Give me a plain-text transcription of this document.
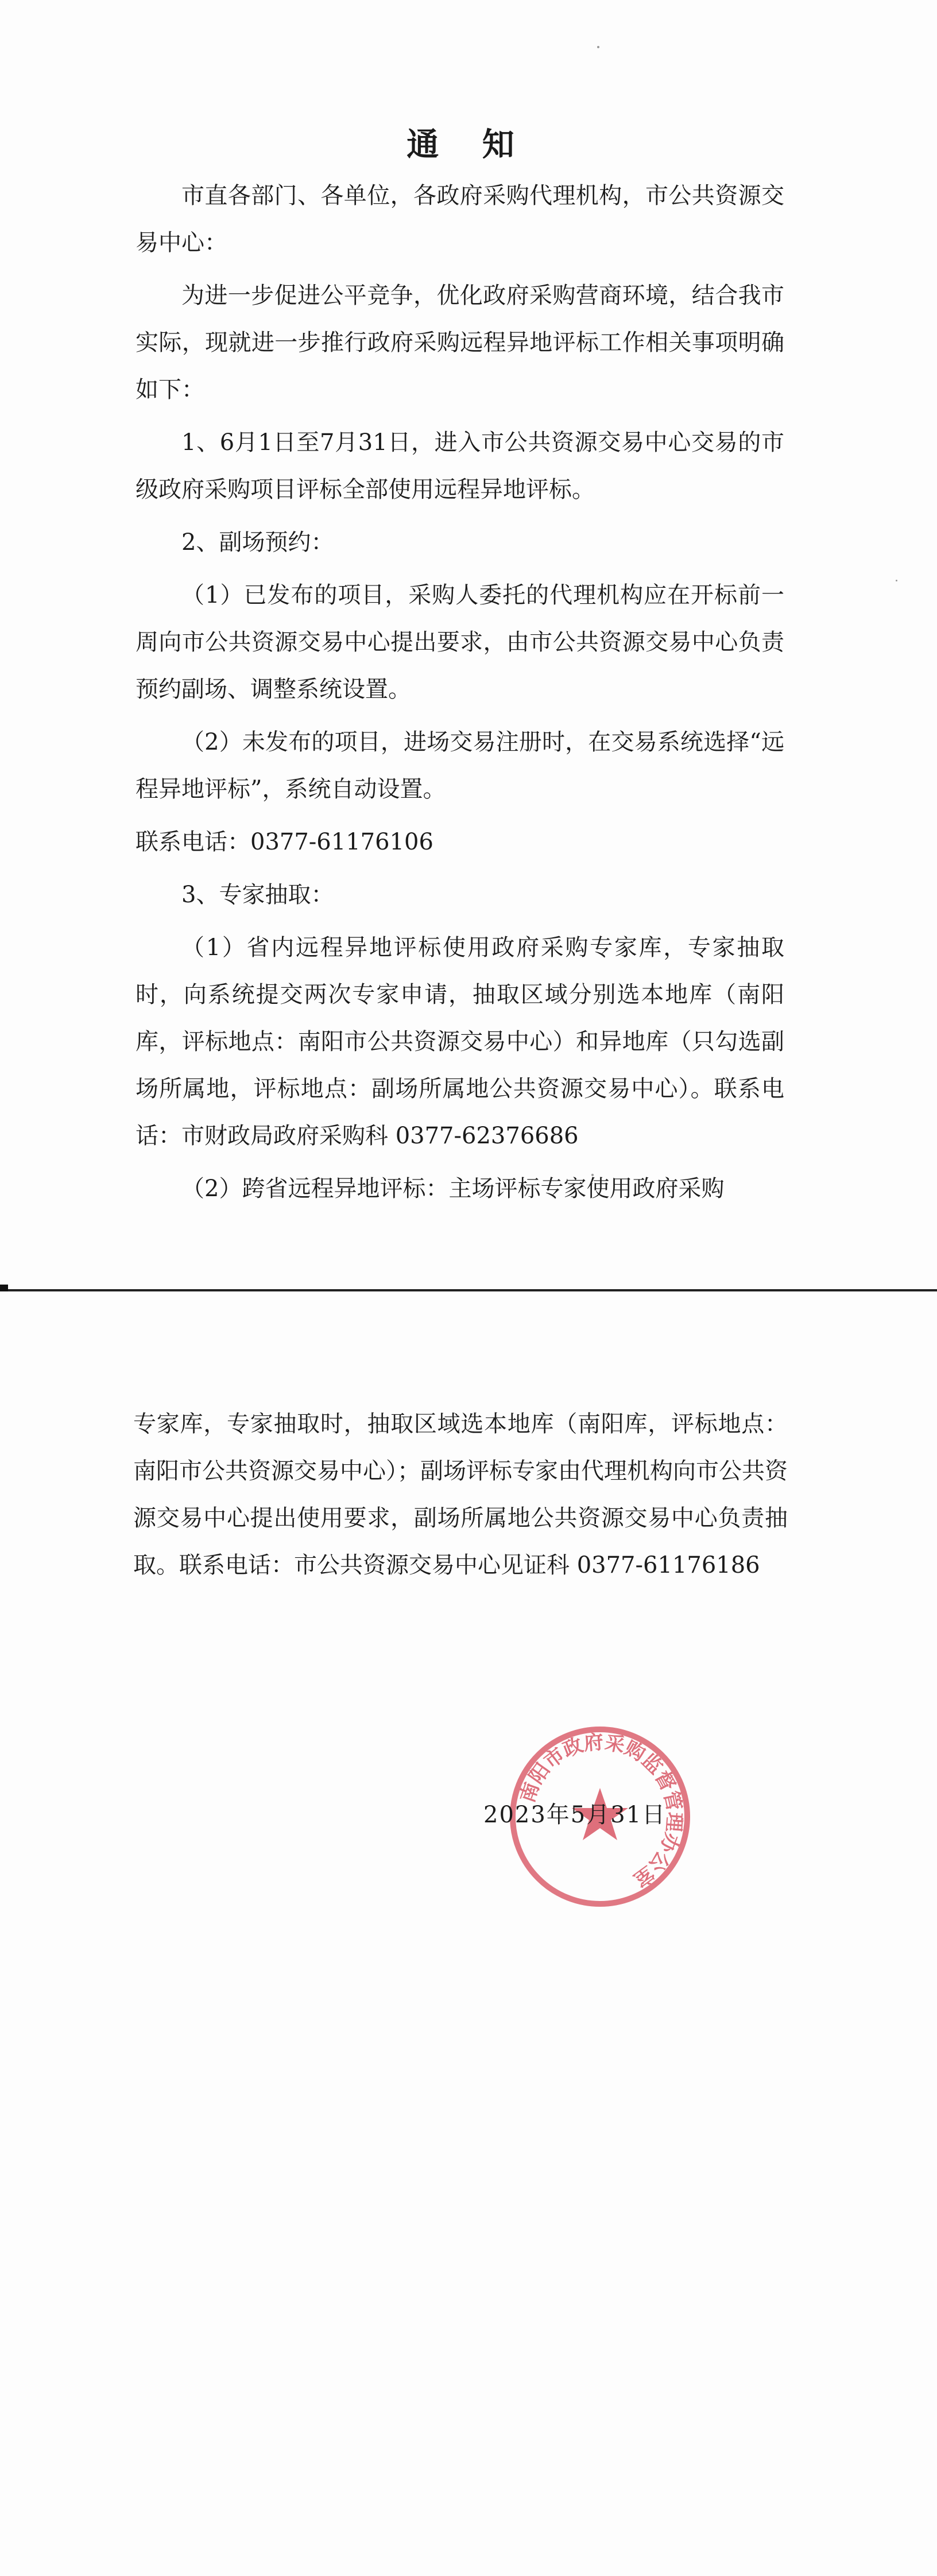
通 知

市直各部门、各单位，各政府采购代理机构，市公共资源交易中心：

为进一步促进公平竞争，优化政府采购营商环境，结合我市实际，现就进一步推行政府采购远程异地评标工作相关事项明确如下：

1、6月1日至7月31日，进入市公共资源交易中心交易的市级政府采购项目评标全部使用远程异地评标。

2、副场预约：

（1）已发布的项目，采购人委托的代理机构应在开标前一周向市公共资源交易中心提出要求，由市公共资源交易中心负责预约副场、调整系统设置。

（2）未发布的项目，进场交易注册时，在交易系统选择“远程异地评标”，系统自动设置。

联系电话：0377-61176106

3、专家抽取：

（1）省内远程异地评标使用政府采购专家库，专家抽取时，向系统提交两次专家申请，抽取区域分别选本地库（南阳库，评标地点：南阳市公共资源交易中心）和异地库（只勾选副场所属地，评标地点：副场所属地公共资源交易中心）。联系电话：市财政局政府采购科 0377-62376686

（2）跨省远程异地评标：主场评标专家使用政府采购

专家库，专家抽取时，抽取区域选本地库（南阳库，评标地点：南阳市公共资源交易中心）；副场评标专家由代理机构向市公共资源交易中心提出使用要求，副场所属地公共资源交易中心负责抽取。联系电话：市公共资源交易中心见证科 0377-61176186

南阳市政府采购监督管理办公室

2023年5月31日
